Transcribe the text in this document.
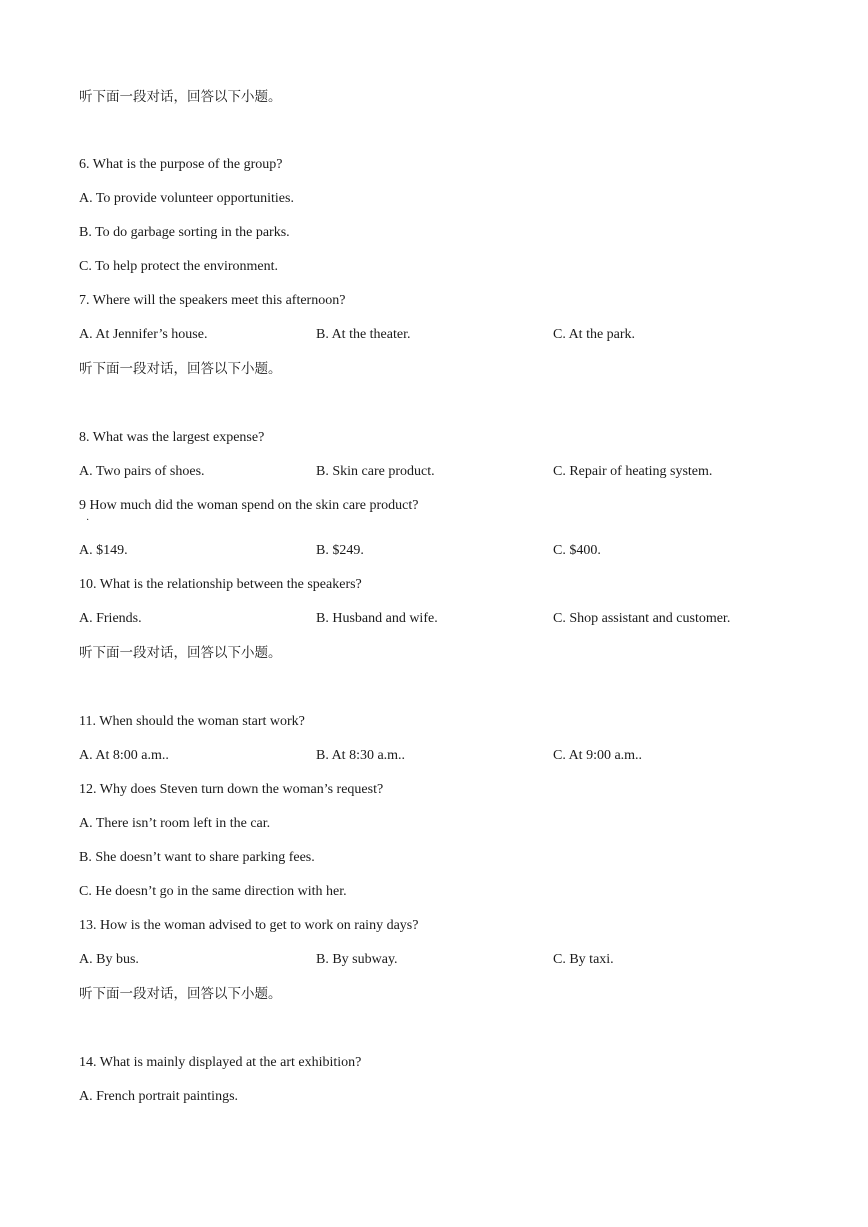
听下面一段对话，回答以下小题。
6. What is the purpose of the group?
A. To provide volunteer opportunities.
B. To do garbage sorting in the parks.
C. To help protect the environment.
7. Where will the speakers meet this afternoon?
A. At Jennifer’s house.	B. At the theater.	C. At the park.
听下面一段对话，回答以下小题。
8. What was the largest expense?
A. Two pairs of shoes.	B. Skin care product.	C. Repair of heating system.
9 How much did the woman spend on the skin care product?
·
A. $149.	B. $249.	C. $400.
10. What is the relationship between the speakers?
A. Friends.	B. Husband and wife.	C. Shop assistant and customer.
听下面一段对话，回答以下小题。
11. When should the woman start work?
A. At 8:00 a.m..	B. At 8:30 a.m..	C. At 9:00 a.m..
12. Why does Steven turn down the woman’s request?
A. There isn’t room left in the car.
B. She doesn’t want to share parking fees.
C. He doesn’t go in the same direction with her.
13. How is the woman advised to get to work on rainy days?
A. By bus.	B. By subway.	C. By taxi.
听下面一段对话，回答以下小题。
14. What is mainly displayed at the art exhibition?
A. French portrait paintings.
